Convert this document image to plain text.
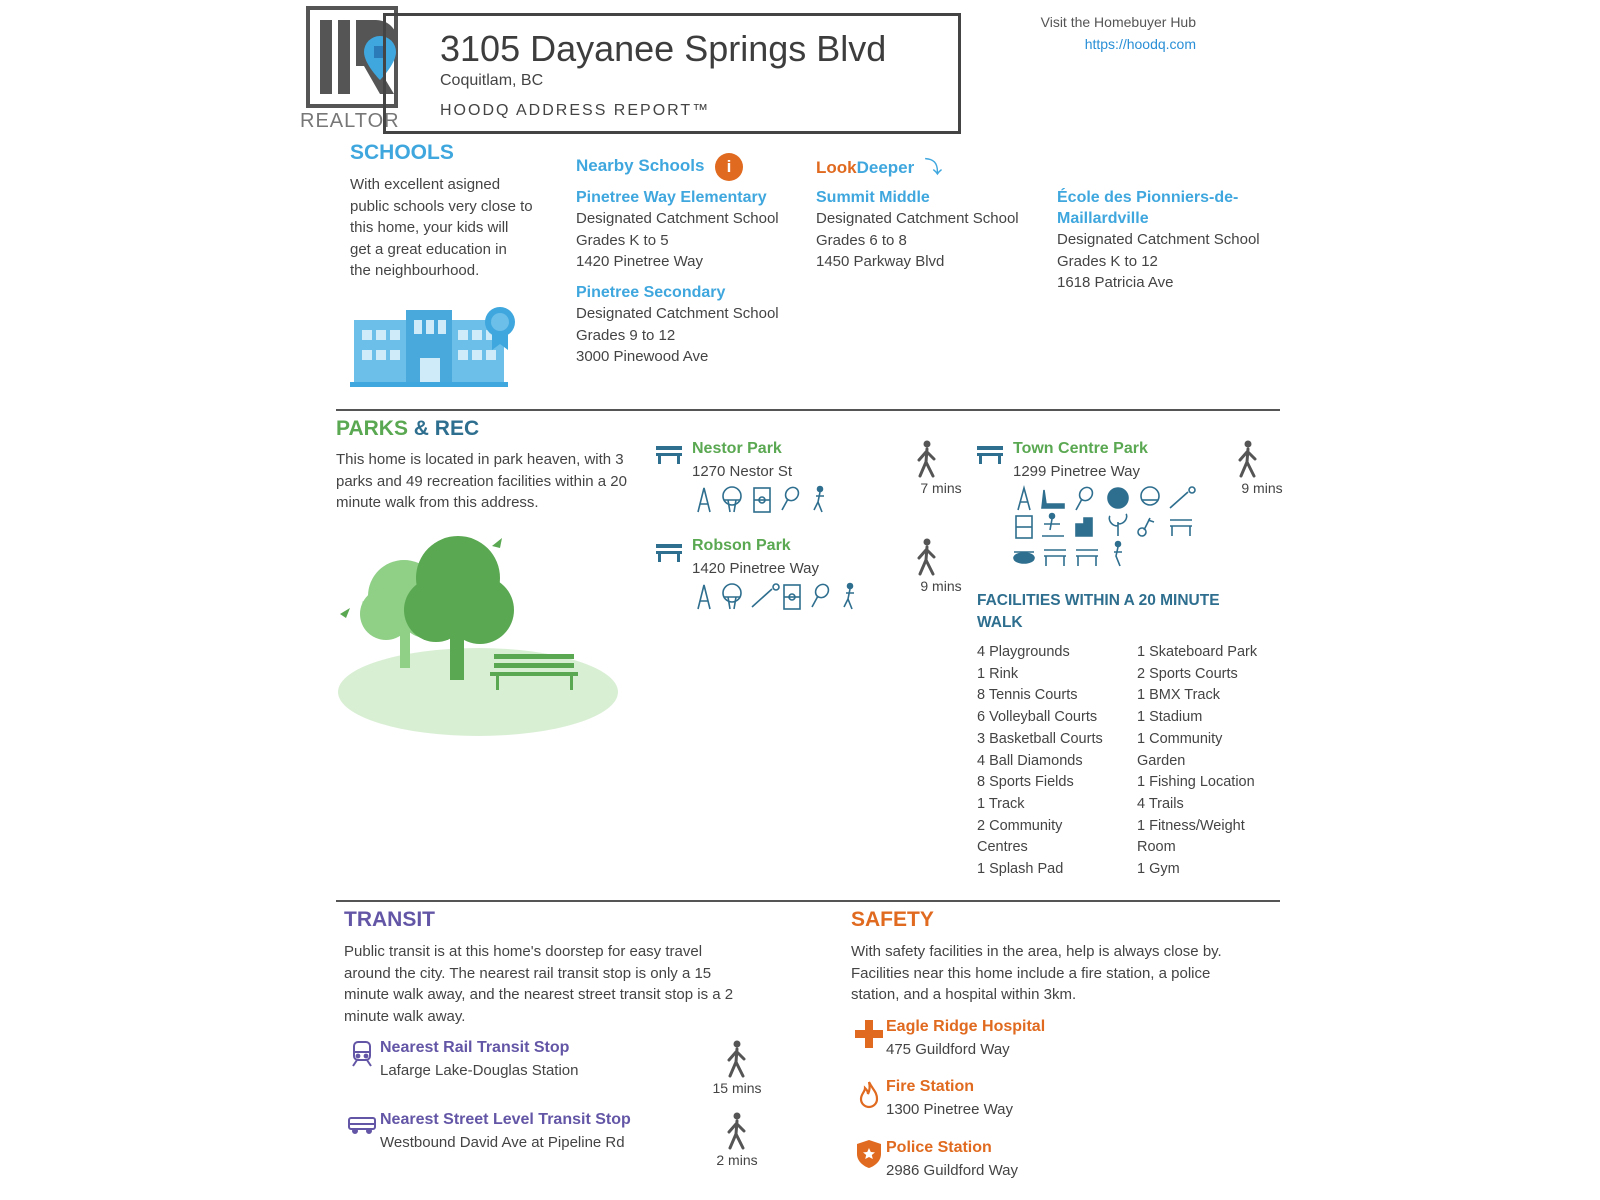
REALTOR
3105 Dayanee Springs Blvd
Coquitlam, BC
HOODQ ADDRESS REPORT™
Visit the Homebuyer Hub
https://hoodq.com
SCHOOLS
With excellent asigned
public schools very close to
this home, your kids will
get a great education in
the neighbourhood.
Nearby Schools i	LookDeeper ⤵
Pinetree Way Elementary
Designated Catchment School
Grades K to 5
1420 Pinetree Way
Pinetree Secondary
Designated Catchment School
Grades 9 to 12
3000 Pinewood Ave
Summit Middle
Designated Catchment School
Grades 6 to 8
1450 Parkway Blvd
École des Pionniers-de-
Maillardville
Designated Catchment School
Grades K to 12
1618 Patricia Ave
PARKS & REC
This home is located in park heaven, with 3
parks and 49 recreation facilities within a 20
minute walk from this address.
Nestor Park
1270 Nestor St
7 mins
Robson Park
1420 Pinetree Way
9 mins
Town Centre Park
1299 Pinetree Way
9 mins
FACILITIES WITHIN A 20 MINUTE
WALK
4 Playgrounds
1 Rink
8 Tennis Courts
6 Volleyball Courts
3 Basketball Courts
4 Ball Diamonds
8 Sports Fields
1 Track
2 Community
Centres
1 Splash Pad
1 Skateboard Park
2 Sports Courts
1 BMX Track
1 Stadium
1 Community
Garden
1 Fishing Location
4 Trails
1 Fitness/Weight
Room
1 Gym
TRANSIT
Public transit is at this home's doorstep for easy travel
around the city. The nearest rail transit stop is only a 15
minute walk away, and the nearest street transit stop is a 2
minute walk away.
Nearest Rail Transit Stop
Lafarge Lake-Douglas Station
15 mins
Nearest Street Level Transit Stop
Westbound David Ave at Pipeline Rd
2 mins
SAFETY
With safety facilities in the area, help is always close by.
Facilities near this home include a fire station, a police
station, and a hospital within 3km.
Eagle Ridge Hospital
475 Guildford Way
Fire Station
1300 Pinetree Way
Police Station
2986 Guildford Way
